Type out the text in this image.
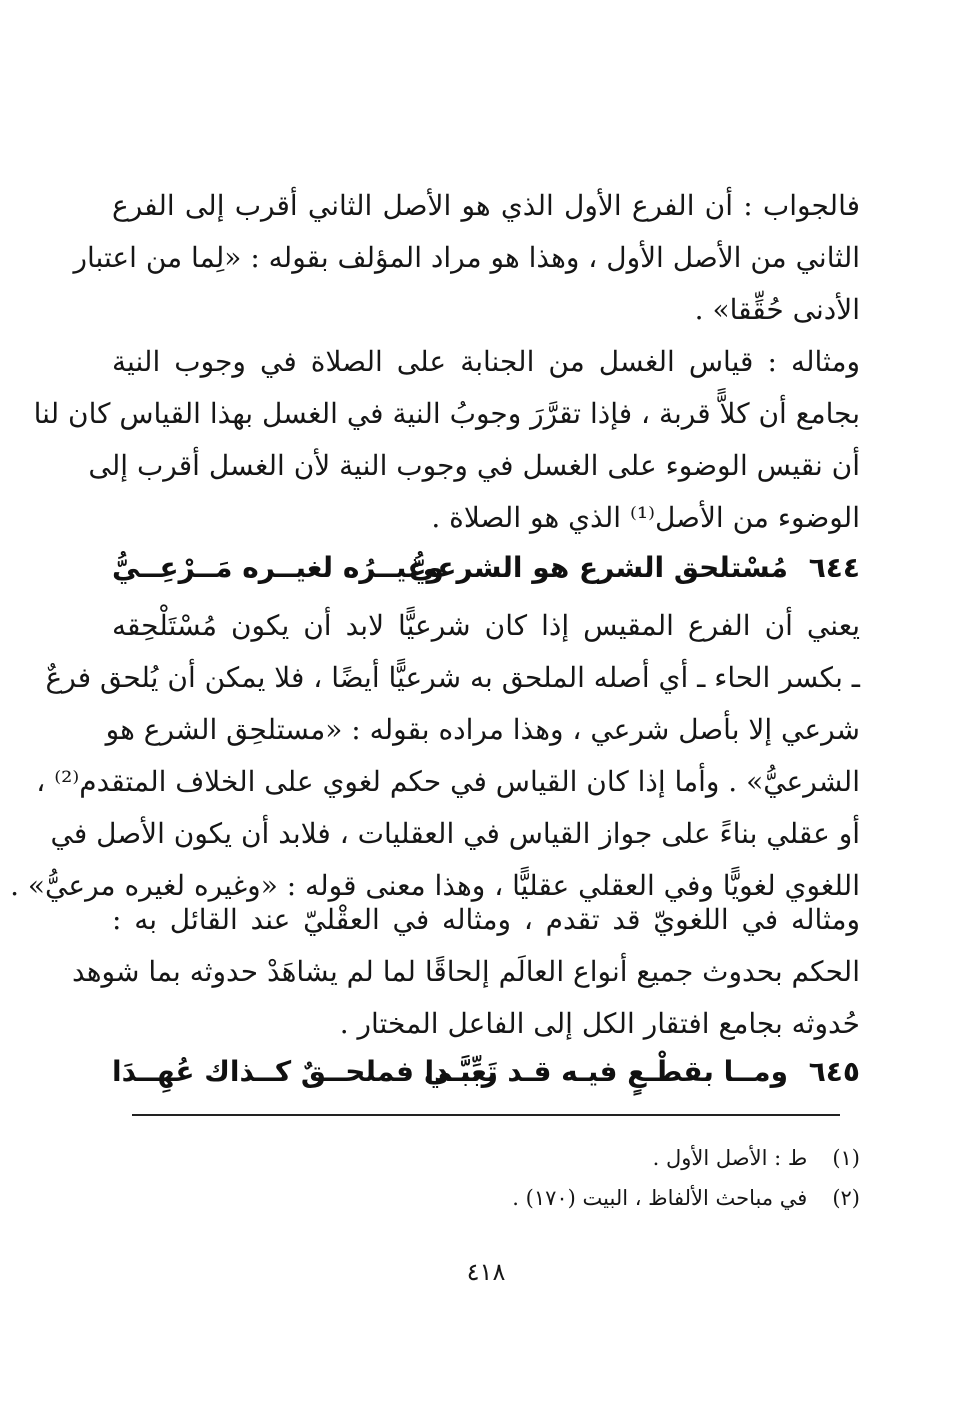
فالجواب : أن الفرع الأول الذي هو الأصل الثاني أقرب إلى الفرع
الثاني من الأصل الأول ، وهذا هو مراد المؤلف بقوله : «لِما من اعتبار
الأدنى حُقِّقا» .
ومثاله : قياس الغسل من الجنابة على الصلاة في وجوب النية
بجامع أن كلاًّ قربة ، فإذا تقرَّرَ وجوبُ النية في الغسل بهذا القياس كان لنا
أن نقيس الوضوء على الغسل في وجوب النية لأن الغسل أقرب إلى
الوضوء من الأصل⁽¹⁾ الذي هو الصلاة .
٦٤٤
مُسْتلحق الشرع هو الشرعيُّ
وغيــرُه لغيــره مَــرْعِــيُّ
يعني أن الفرع المقيس إذا كان شرعيًّا لابد أن يكون مُسْتَلْحِقه
ـ بكسر الحاء ـ أي أصله الملحق به شرعيًّا أيضًا ، فلا يمكن أن يُلحق فرعٌ
شرعي إلا بأصل شرعي ، وهذا مراده بقوله : «مستلحِق الشرع هو
الشرعيُّ» . وأما إذا كان القياس في حكم لغوي على الخلاف المتقدم⁽²⁾ ،
أو عقلي بناءً على جواز القياس في العقليات ، فلابد أن يكون الأصل في
اللغوي لغويًّا وفي العقلي عقليًّا ، وهذا معنى قوله : «وغيره لغيره مرعيُّ» .
ومثاله في اللغويّ قد تقدم ، ومثاله في العقْليّ عند القائل به :
الحكم بحدوث جميع أنواع العالَم إلحاقًا لما لم يشاهَدْ حدوثه بما شوهد
حُدوثه بجامع افتقار الكل إلى الفاعل المختار .
٦٤٥
ومــا بقطْـعٍ فيـه قـد تَعبَّـدا
ربِّــي فملحــقٌ كــذاك عُهِــدَا
(١) ط : الأصل الأول .
(٢) في مباحث الألفاظ ، البيت (١٧٠) .
٤١٨
